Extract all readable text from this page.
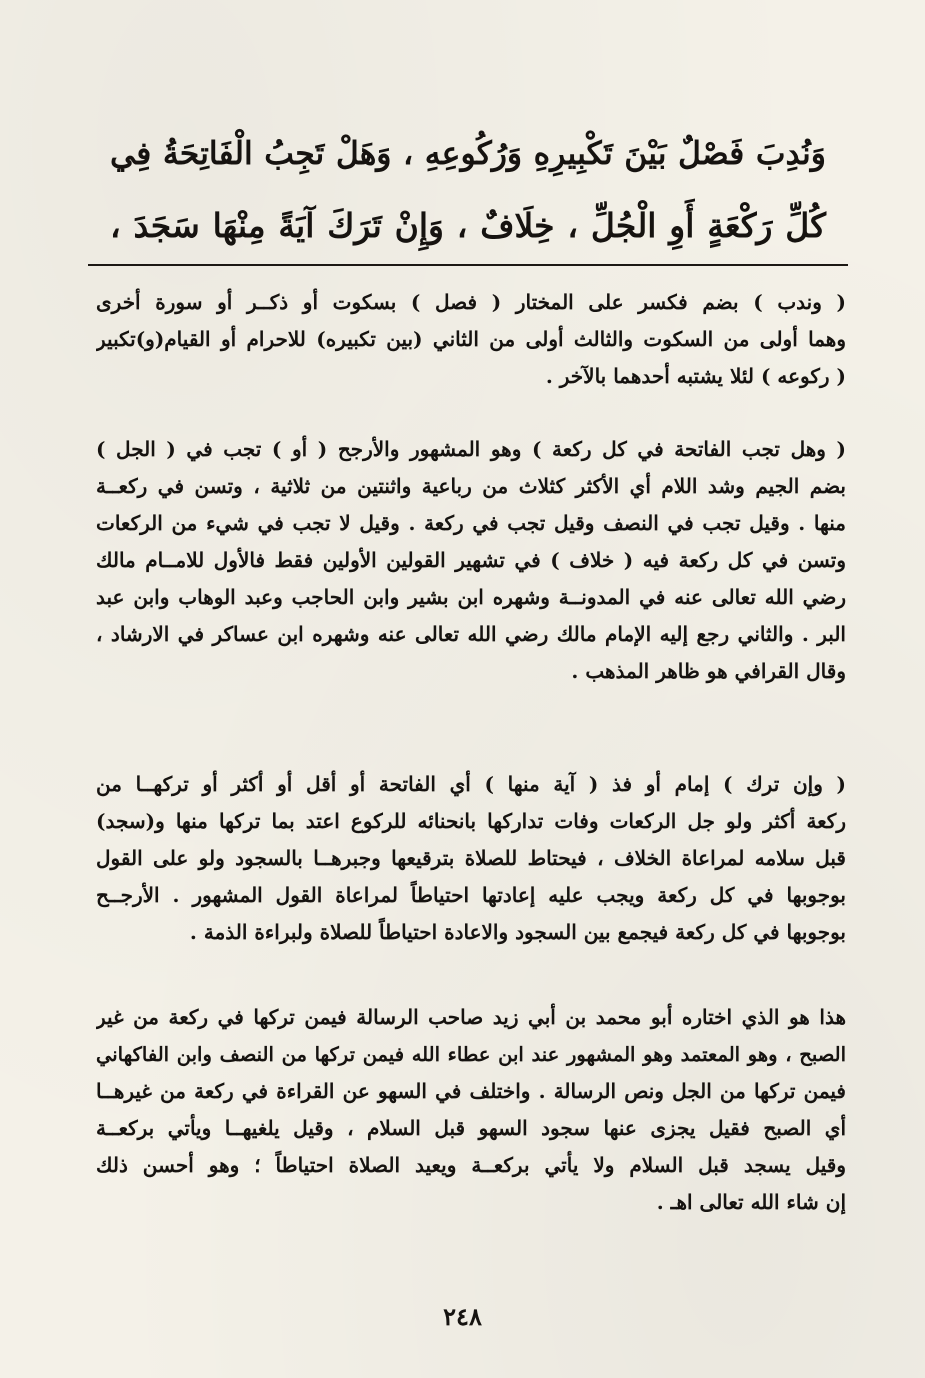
وَنُدِبَ فَصْلٌ بَيْنَ تَكْبِيرِهِ وَرُكُوعِهِ ، وَهَلْ تَجِبُ الْفَاتِحَةُ فِي
كُلِّ رَكْعَةٍ أَوِ الْجُلِّ ، خِلَافٌ ، وَإِنْ تَرَكَ آيَةً مِنْهَا سَجَدَ ،
( وندب ) بضم فكسر على المختار ( فصل ) بسكوت أو ذكــر أو سورة أخرى
وهما أولى من السكوت والثالث أولى من الثاني (بين تكبيره) للاحرام أو القيام(و)تكبير
( ركوعه ) لئلا يشتبه أحدهما بالآخر .
( وهل تجب الفاتحة في كل ركعة ) وهو المشهور والأرجح ( أو ) تجب في ( الجل )
بضم الجيم وشد اللام أي الأكثر كثلاث من رباعية واثنتين من ثلاثية ، وتسن في ركعــة
منها . وقيل تجب في النصف وقيل تجب في ركعة . وقيل لا تجب في شيء من الركعات
وتسن في كل ركعة فيه ( خلاف ) في تشهير القولين الأولين فقط فالأول للامــام مالك
رضي الله تعالى عنه في المدونــة وشهره ابن بشير وابن الحاجب وعبد الوهاب وابن عبد
البر . والثاني رجع إليه الإمام مالك رضي الله تعالى عنه وشهره ابن عساكر في الارشاد ،
وقال القرافي هو ظاهر المذهب .
( وإن ترك ) إمام أو فذ ( آية منها ) أي الفاتحة أو أقل أو أكثر أو تركهــا من
ركعة أكثر ولو جل الركعات وفات تداركها بانحنائه للركوع اعتد بما تركها منها و(سجد)
قبل سلامه لمراعاة الخلاف ، فيحتاط للصلاة بترقيعها وجبرهــا بالسجود ولو على القول
بوجوبها في كل ركعة ويجب عليه إعادتها احتياطاً لمراعاة القول المشهور . الأرجــح
بوجوبها في كل ركعة فيجمع بين السجود والاعادة احتياطاً للصلاة ولبراءة الذمة .
هذا هو الذي اختاره أبو محمد بن أبي زيد صاحب الرسالة فيمن تركها في ركعة من غير
الصبح ، وهو المعتمد وهو المشهور عند ابن عطاء الله فيمن تركها من النصف وابن الفاكهاني
فيمن تركها من الجل ونص الرسالة . واختلف في السهو عن القراءة في ركعة من غيرهــا
أي الصبح فقيل يجزى عنها سجود السهو قبل السلام ، وقيل يلغيهــا ويأتي بركعــة
وقيل يسجد قبل السلام ولا يأتي بركعــة ويعيد الصلاة احتياطاً ؛ وهو أحسن ذلك
إن شاء الله تعالى اهـ .
٢٤٨
